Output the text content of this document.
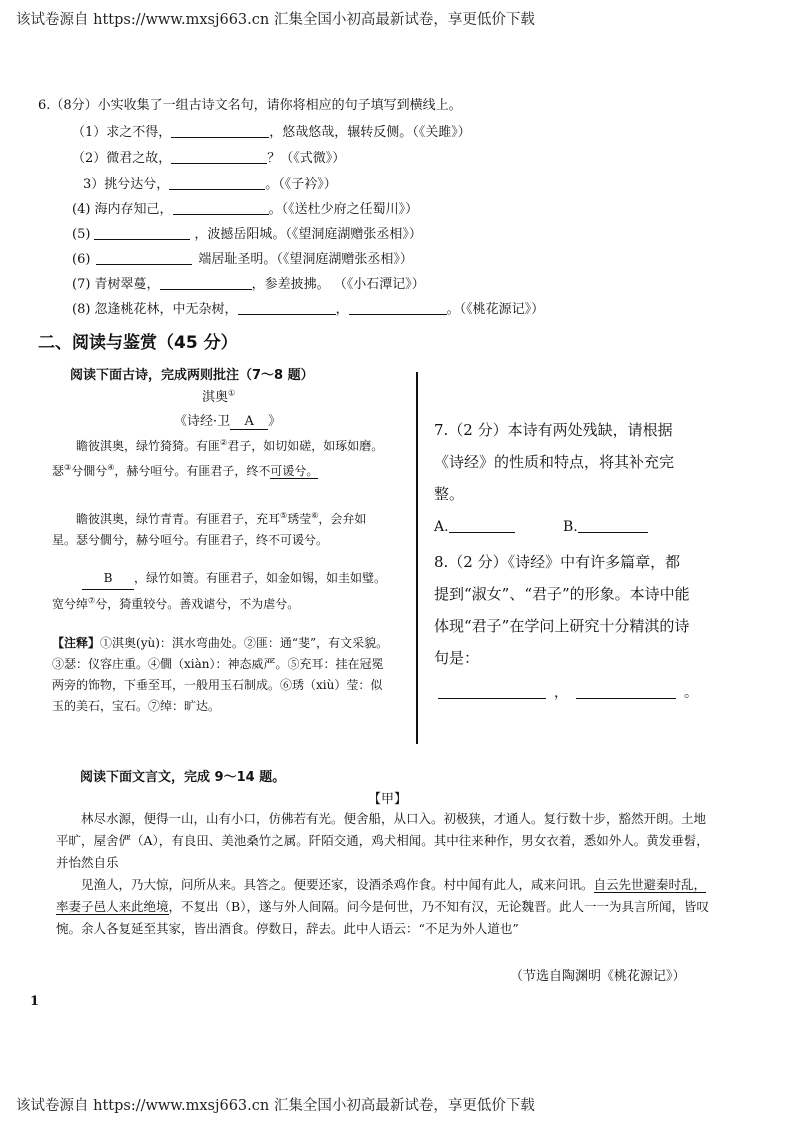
该试卷源自 https://www.mxsj663.cn 汇集全国小初高最新试卷，享更低价下载
6.（8分）小实收集了一组古诗文名句，请你将相应的句子填写到横线上。
（1）求之不得，	，悠哉悠哉，辗转反侧。（《关雎》）
（2）微君之故，	？（《式微》）
3）挑兮达兮，	。（《子衿》）
(4) 海内存知己，	。（《送杜少府之任蜀川》）
(5)	，波撼岳阳城。（《望洞庭湖赠张丞相》）
(6)	端居耻圣明。（《望洞庭湖赠张丞相》）
(7) 青树翠蔓，	，参差披拂。 （《小石潭记》）
(8) 忽逢桃花林，中无杂树，	，	。（《桃花源记》）
二、阅读与鉴赏（45 分）
阅读下面古诗，完成两则批注（7～8 题）
淇奥①
《诗经·卫 A 》
瞻彼淇奥，绿竹猗猗。有匪②君子，如切如磋，如琢如磨。瑟③兮僩兮④，赫兮咺兮。有匪君子，终不可谖兮。
瞻彼淇奥，绿竹青青。有匪君子，充耳⑤琇莹⑥，会弁如星。瑟兮僩兮，赫兮咺兮。有匪君子，终不可谖兮。
B ，绿竹如箦。有匪君子，如金如锡，如圭如璧。宽兮绰⑦兮，猗重较兮。善戏谑兮，不为虐兮。
【注释】①淇奥(yù)：淇水弯曲处。②匪：通“斐”，有文采貌。③瑟：仪容庄重。④僩（xiàn）：神态威严。⑤充耳：挂在冠冕两旁的饰物，下垂至耳，一般用玉石制成。⑥琇（xiù）莹：似玉的美石，宝石。⑦绰：旷达。
7.（2 分）本诗有两处残缺，请根据《诗经》的性质和特点，将其补充完整。
A.	B.
8.（2 分）《诗经》中有许多篇章，都提到“淑女”、“君子”的形象。本诗中能体现“君子”在学问上研究十分精淇的诗句是：
，	。
阅读下面文言文，完成 9～14 题。
【甲】
林尽水源，便得一山，山有小口，仿佛若有光。便舍船，从口入。初极狭，才通人。复行数十步，豁然开朗。土地平旷，屋舍俨（A），有良田、美池桑竹之属。阡陌交通，鸡犬相闻。其中往来种作，男女衣着，悉如外人。黄发垂髫，并怡然自乐
见渔人，乃大惊，问所从来。具答之。便要还家，设酒杀鸡作食。村中闻有此人，咸来问讯。自云先世避秦时乱，率妻子邑人来此绝境，不复出（B），遂与外人间隔。问今是何世，乃不知有汉，无论魏晋。此人一一为具言所闻，皆叹惋。余人各复延至其家，皆出酒食。停数日，辞去。此中人语云：“不足为外人道也”
（节选自陶渊明《桃花源记》）
1
该试卷源自 https://www.mxsj663.cn 汇集全国小初高最新试卷，享更低价下载
